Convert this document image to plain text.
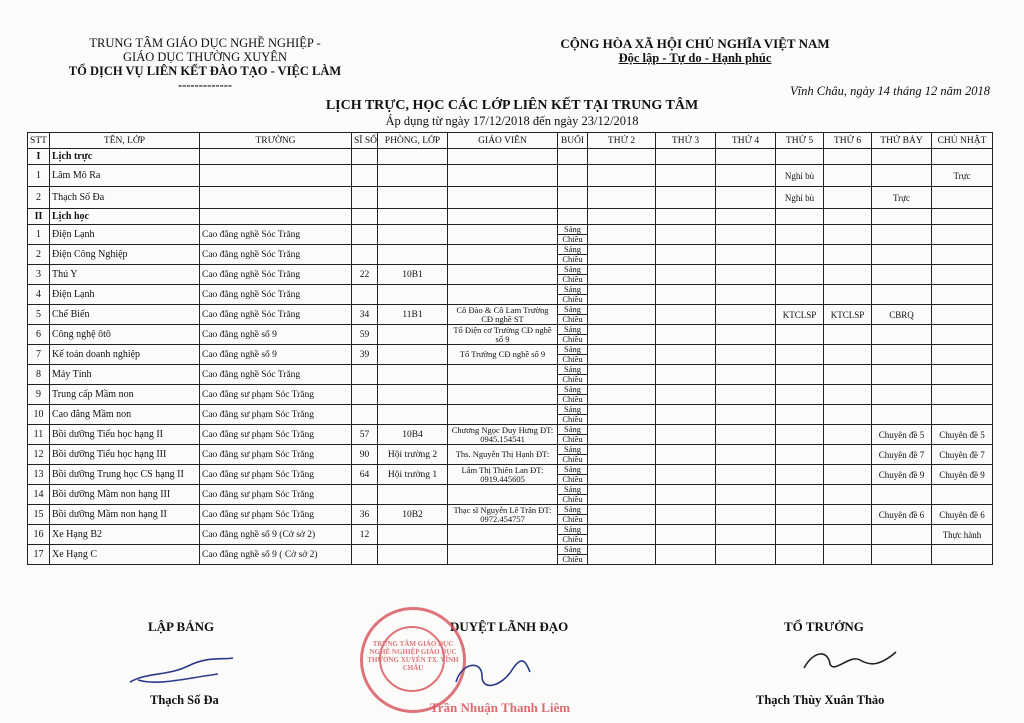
TRUNG TÂM GIÁO DỤC NGHỀ NGHIỆP -
GIÁO DỤC THƯỜNG XUYÊN
TỔ DỊCH VỤ LIÊN KẾT ĐÀO TẠO - VIỆC LÀM
-------------
CỘNG HÒA XÃ HỘI CHỦ NGHĨA VIỆT NAM
Độc lập - Tự do - Hạnh phúc
Vĩnh Châu, ngày 14 tháng 12 năm 2018
LỊCH TRỰC, HỌC CÁC LỚP LIÊN KẾT TẠI TRUNG TÂM
Áp dụng từ ngày 17/12/2018 đến ngày 23/12/2018
STT	TÊN, LỚP	TRƯỜNG	SĨ SỐ	PHÒNG, LỚP	GIÁO VIÊN	BUỔI	THỨ 2	THỨ 3	THỨ 4	THỨ 5	THỨ 6	THỨ BẢY	CHỦ NHẬT
I	Lịch trực												
1	Lâm Mô Ra									Nghỉ bù			Trực
2	Thạch Số Đa									Nghỉ bù		Trực	
II	Lịch học												
1	Điện Lạnh	Cao đẳng nghề Sóc Trăng				Sáng							
						Chiều							
2	Điện Công Nghiệp	Cao đẳng nghề Sóc Trăng				Sáng							
						Chiều							
3	Thú Y	Cao đẳng nghề Sóc Trăng	22	10B1		Sáng							
						Chiều							
4	Điện Lạnh	Cao đẳng nghề Sóc Trăng				Sáng							
						Chiều							
5	Chế Biến	Cao đẳng nghề Sóc Trăng	34	11B1	Cô Đào & Cô Lam Trường CĐ nghề ST	Sáng				KTCLSP	KTCLSP	CBRQ	
						Chiều							
6	Công nghệ ôtô	Cao đẳng nghề số 9	59		Tổ Điện cơ Trường CĐ nghề số 9	Sáng							
						Chiều							
7	Kế toán doanh nghiệp	Cao đẳng nghề số 9	39		Tổ Trường CĐ nghề số 9	Sáng							
						Chiều							
8	Máy Tính	Cao đẳng nghề Sóc Trăng				Sáng							
						Chiều							
9	Trung cấp Mầm non	Cao đẳng sư phạm Sóc Trăng				Sáng							
						Chiều							
10	Cao đẳng Mầm non	Cao đẳng sư phạm Sóc Trăng				Sáng							
						Chiều							
11	Bồi dưỡng Tiểu học hạng II	Cao đẳng sư phạm Sóc Trăng	57	10B4	Chương Ngọc Duy Hưng ĐT: 0945.154541	Sáng						Chuyên đề 5	Chuyên đề 5
						Chiều							
12	Bồi dưỡng Tiểu học hạng III	Cao đẳng sư phạm Sóc Trăng	90	Hội trường 2	Ths. Nguyễn Thị Hạnh ĐT:	Sáng						Chuyên đề 7	Chuyên đề 7
						Chiều							
13	Bồi dưỡng Trung học CS hạng II	Cao đẳng sư phạm Sóc Trăng	64	Hội trường 1	Lâm Thị Thiên Lan ĐT: 0919.445605	Sáng						Chuyên đề 9	Chuyên đề 9
						Chiều							
14	Bồi dưỡng Mầm non hạng III	Cao đẳng sư phạm Sóc Trăng				Sáng							
						Chiều							
15	Bồi dưỡng Mầm non hạng II	Cao đẳng sư phạm Sóc Trăng	36	10B2	Thạc sĩ Nguyễn Lê Trân ĐT: 0972.454757	Sáng						Chuyên đề 6	Chuyên đề 6
						Chiều							
16	Xe Hạng B2	Cao đẳng nghề số 9 (Cở sở 2)	12			Sáng							Thực hành
						Chiều							
17	Xe Hạng C	Cao đẳng nghề số 9 ( Cở sở 2)				Sáng							
						Chiều							
LẬP BẢNG	DUYỆT LÃNH ĐẠO	TỔ TRƯỞNG
TRUNG TÂM GIÁO DỤC NGHỀ NGHIỆP GIÁO DỤC THƯỜNG XUYÊN TX. VĨNH CHÂU
Thạch Số Đa	Trần Nhuận Thanh Liêm	Thạch Thùy Xuân Thảo
